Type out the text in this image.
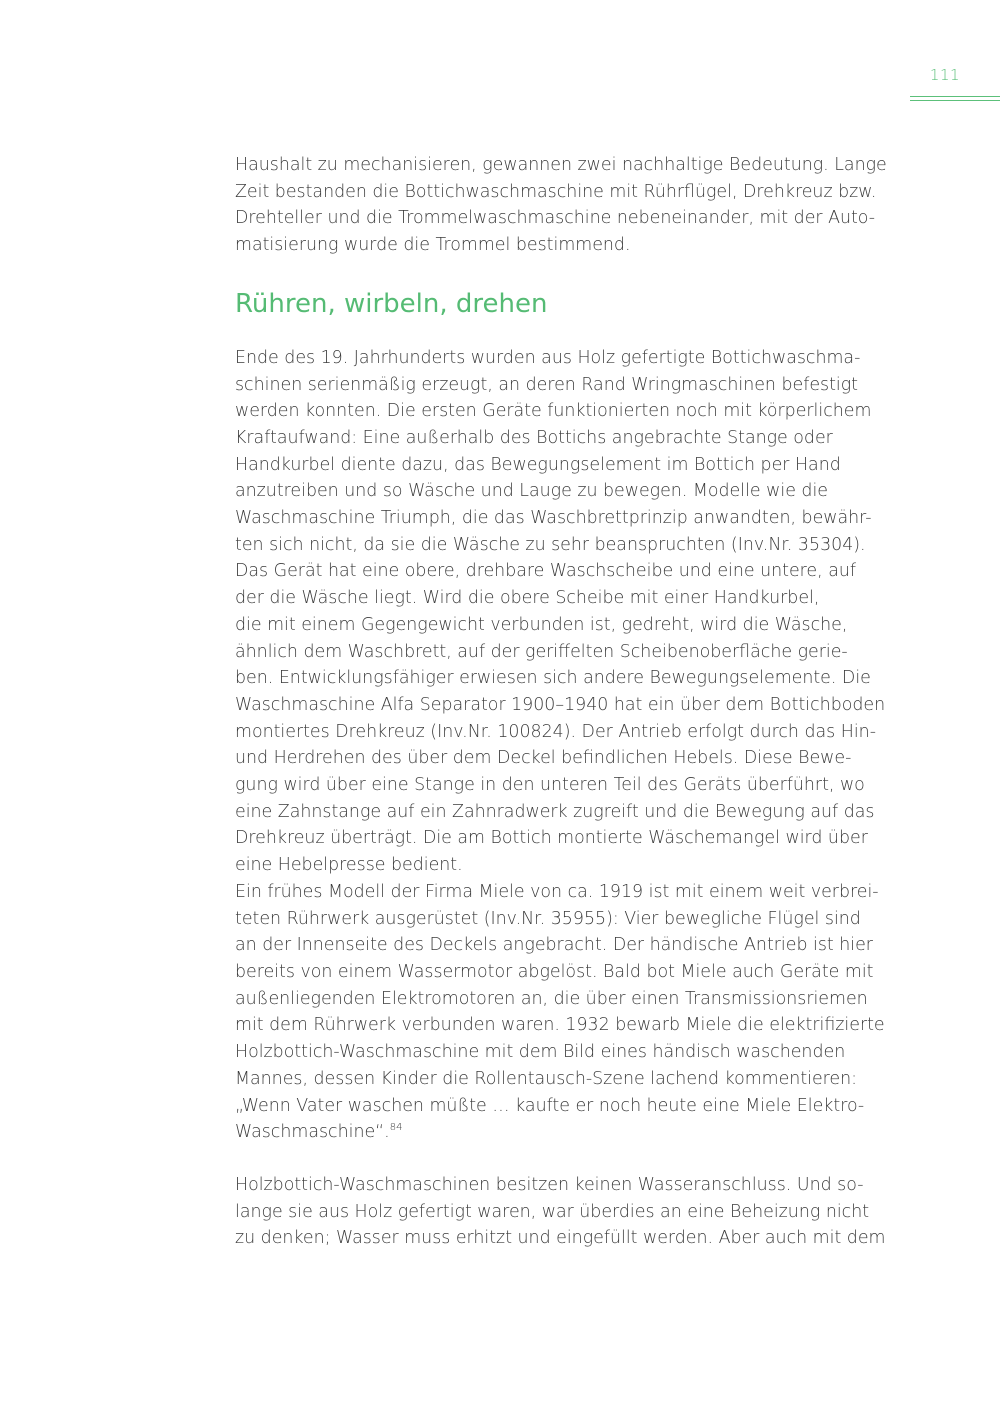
111

Haushalt zu mechanisieren, gewannen zwei nachhaltige Bedeutung. Lange
Zeit bestanden die Bottichwaschmaschine mit Rührflügel, Drehkreuz bzw.
Drehteller und die Trommelwaschmaschine nebeneinander, mit der Auto-
matisierung wurde die Trommel bestimmend.

Rühren, wirbeln, drehen

Ende des 19. Jahrhunderts wurden aus Holz gefertigte Bottichwaschma-
schinen serienmäßig erzeugt, an deren Rand Wringmaschinen befestigt
werden konnten. Die ersten Geräte funktionierten noch mit körperlichem
Kraftaufwand: Eine außerhalb des Bottichs angebrachte Stange oder
Handkurbel diente dazu, das Bewegungselement im Bottich per Hand
anzutreiben und so Wäsche und Lauge zu bewegen. Modelle wie die
Waschmaschine Triumph, die das Waschbrettprinzip anwandten, bewähr-
ten sich nicht, da sie die Wäsche zu sehr beanspruchten (Inv.Nr. 35304).
Das Gerät hat eine obere, drehbare Waschscheibe und eine untere, auf
der die Wäsche liegt. Wird die obere Scheibe mit einer Handkurbel,
die mit einem Gegengewicht verbunden ist, gedreht, wird die Wäsche,
ähnlich dem Waschbrett, auf der geriffelten Scheibenoberfläche gerie-
ben. Entwicklungsfähiger erwiesen sich andere Bewegungselemente. Die
Waschmaschine Alfa Separator 1900–1940 hat ein über dem Bottichboden
montiertes Drehkreuz (Inv.Nr. 100824). Der Antrieb erfolgt durch das Hin-
und Herdrehen des über dem Deckel befindlichen Hebels. Diese Bewe-
gung wird über eine Stange in den unteren Teil des Geräts überführt, wo
eine Zahnstange auf ein Zahnradwerk zugreift und die Bewegung auf das
Drehkreuz überträgt. Die am Bottich montierte Wäschemangel wird über
eine Hebelpresse bedient.
Ein frühes Modell der Firma Miele von ca. 1919 ist mit einem weit verbrei-
teten Rührwerk ausgerüstet (Inv.Nr. 35955): Vier bewegliche Flügel sind
an der Innenseite des Deckels angebracht. Der händische Antrieb ist hier
bereits von einem Wassermotor abgelöst. Bald bot Miele auch Geräte mit
außenliegenden Elektromotoren an, die über einen Transmissionsriemen
mit dem Rührwerk verbunden waren. 1932 bewarb Miele die elektrifizierte
Holzbottich-Waschmaschine mit dem Bild eines händisch waschenden
Mannes, dessen Kinder die Rollentausch-Szene lachend kommentieren:
„Wenn Vater waschen müßte … kaufte er noch heute eine Miele Elektro-
Waschmaschine“.$^{84}$

Holzbottich-Waschmaschinen besitzen keinen Wasseranschluss. Und so-
lange sie aus Holz gefertigt waren, war überdies an eine Beheizung nicht
zu denken; Wasser muss erhitzt und eingefüllt werden. Aber auch mit dem
